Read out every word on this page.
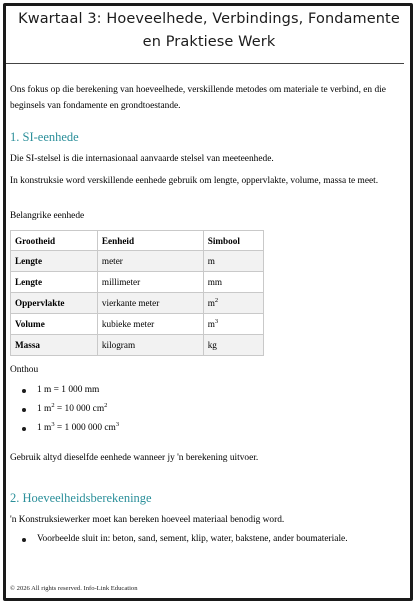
Kwartaal 3: Hoeveelhede, Verbindings, Fondamente en Praktiese Werk

Ons fokus op die berekening van hoeveelhede, verskillende metodes om materiale te verbind, en die beginsels van fondamente en grondtoestande.

1. SI-eenhede

Die SI-stelsel is die internasionaal aanvaarde stelsel van meeteenhede.

In konstruksie word verskillende eenhede gebruik om lengte, oppervlakte, volume, massa te meet.

Belangrike eenhede

Grootheid	Eenheid	Simbool
Lengte	meter	m
Lengte	millimeter	mm
Oppervlakte	vierkante meter	$m^2$
Volume	kubieke meter	$m^3$
Massa	kilogram	kg

Onthou

1 m = 1 000 mm
1 $m^2 = 10$ 000 $cm^2$
1 $m^3 = 1$ 000 000 $cm^3$

Gebruik altyd dieselfde eenhede wanneer jy 'n berekening uitvoer.

2. Hoeveelheidsberekeninge

'n Konstruksiewerker moet kan bereken hoeveel materiaal benodig word.

Voorbeelde sluit in: beton, sand, sement, klip, water, bakstene, ander boumateriale.
© 2026 All rights reserved. Info-Link Education
